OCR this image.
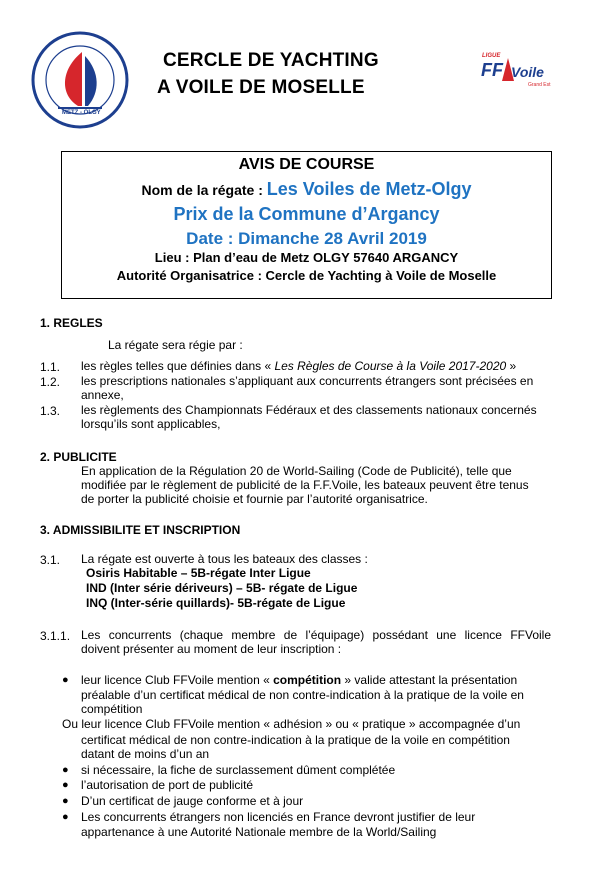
METZ - OLGY
CERCLE DE YACHTING
A VOILE DE MOSELLE
LIGUE
FF Voile
Grand Est
AVIS DE COURSE
Nom de la régate : Les Voiles de Metz-Olgy
Prix de la Commune d’Argancy
Date : Dimanche 28 Avril 2019
Lieu : Plan d’eau de Metz OLGY 57640 ARGANCY
Autorité Organisatrice : Cercle de Yachting à Voile de Moselle
1. REGLES
La régate sera régie par :
1.1. les règles telles que définies dans « Les Règles de Course à la Voile 2017-2020 »
1.2. les prescriptions nationales s’appliquant aux concurrents étrangers sont précisées en
annexe,
1.3. les règlements des Championnats Fédéraux et des classements nationaux concernés
lorsqu’ils sont applicables,
2. PUBLICITE
En application de la Régulation 20 de World-Sailing (Code de Publicité), telle que
modifiée par le règlement de publicité de la F.F.Voile, les bateaux peuvent être tenus
de porter la publicité choisie et fournie par l’autorité organisatrice.
3. ADMISSIBILITE ET INSCRIPTION
3.1. La régate est ouverte à tous les bateaux des classes :
Osiris Habitable – 5B-régate Inter Ligue
IND (Inter série dériveurs) – 5B- régate de Ligue
INQ (Inter-série quillards)- 5B-régate de Ligue
3.1.1. Les concurrents (chaque membre de l’équipage) possédant une licence FFVoile
doivent présenter au moment de leur inscription :
● leur licence Club FFVoile mention « compétition » valide attestant la présentation
préalable d’un certificat médical de non contre-indication à la pratique de la voile en
compétition
Ou leur licence Club FFVoile mention « adhésion » ou « pratique » accompagnée d’un
certificat médical de non contre-indication à la pratique de la voile en compétition
datant de moins d’un an
● si nécessaire, la fiche de surclassement dûment complétée
● l’autorisation de port de publicité
● D’un certificat de jauge conforme et à jour
● Les concurrents étrangers non licenciés en France devront justifier de leur
appartenance à une Autorité Nationale membre de la World/Sailing
